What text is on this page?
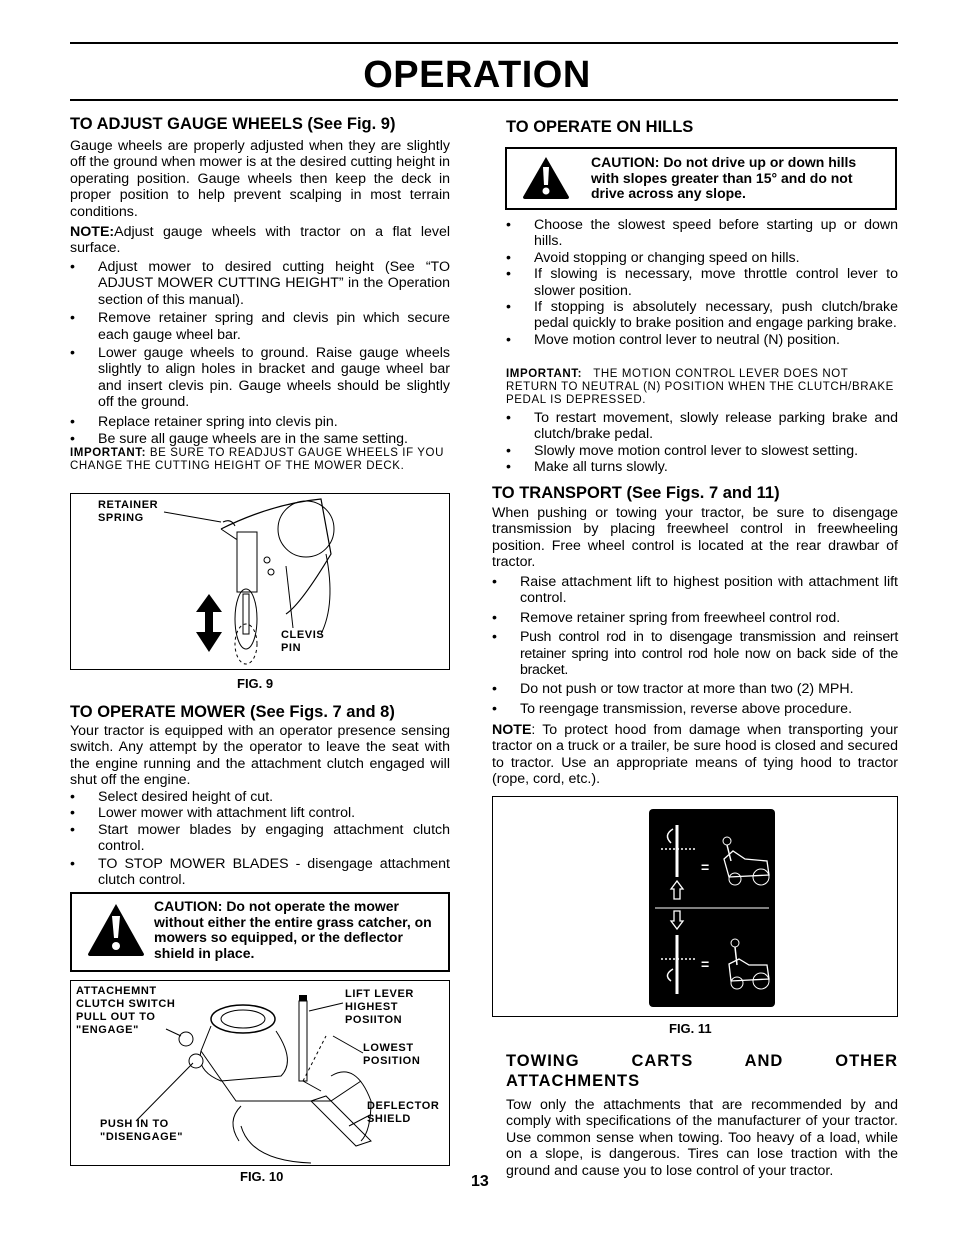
OPERATION
TO ADJUST GAUGE WHEELS (See Fig. 9)
Gauge wheels are properly adjusted when they are slightly off the ground when mower is at the desired cutting height in operating position. Gauge wheels then keep the deck in proper position to help prevent scalping in most terrain conditions.
NOTE:Adjust gauge wheels with tractor on a flat level surface.
• Adjust mower to desired cutting height (See “TO ADJUST MOWER CUTTING HEIGHT” in the Operation section of this manual).
• Remove retainer spring and clevis pin which secure each gauge wheel bar.
• Lower gauge wheels to ground. Raise gauge wheels slightly to align holes in bracket and gauge wheel bar and insert clevis pin. Gauge wheels should be slightly off the ground.
• Replace retainer spring into clevis pin.
• Be sure all gauge wheels are in the same setting.
IMPORTANT: BE SURE TO READJUST GAUGE WHEELS IF YOU CHANGE THE CUTTING HEIGHT OF THE MOWER DECK.
RETAINER SPRING
CLEVIS PIN
FIG. 9
TO OPERATE MOWER (See Figs. 7 and 8)
Your tractor is equipped with an operator presence sensing switch. Any attempt by the operator to leave the seat with the engine running and the attachment clutch engaged will shut off the engine.
• Select desired height of cut.
• Lower mower with attachment lift control.
• Start mower blades by engaging attachment clutch control.
• TO STOP MOWER BLADES - disengage attachment clutch control.
CAUTION: Do not operate the mower without either the entire grass catcher, on mowers so equipped, or the deflector shield in place.
ATTACHEMNT CLUTCH SWITCH PULL OUT TO "ENGAGE"
PUSH IN TO "DISENGAGE"
LIFT LEVER HIGHEST POSIITON
LOWEST POSITION
DEFLECTOR SHIELD
FIG. 10
TO OPERATE ON HILLS
CAUTION: Do not drive up or down hills with slopes greater than 15° and do not drive across any slope.
• Choose the slowest speed before starting up or down hills.
• Avoid stopping or changing speed on hills.
• If slowing is necessary, move throttle control lever to slower position.
• If stopping is absolutely necessary, push clutch/brake pedal quickly to brake position and engage parking brake.
• Move motion control lever to neutral (N) position.
IMPORTANT: THE MOTION CONTROL LEVER DOES NOT RETURN TO NEUTRAL (N) POSITION WHEN THE CLUTCH/BRAKE PEDAL IS DEPRESSED.
• To restart movement, slowly release parking brake and clutch/brake pedal.
• Slowly move motion control lever to slowest setting.
• Make all turns slowly.
TO TRANSPORT (See Figs. 7 and 11)
When pushing or towing your tractor, be sure to disengage transmission by placing freewheel control in freewheeling position. Free wheel control is located at the rear drawbar of tractor.
• Raise attachment lift to highest position with attachment lift control.
• Remove retainer spring from freewheel control rod.
• Push control rod in to disengage transmission and reinsert retainer spring into control rod hole now on back side of the bracket.
• Do not push or tow tractor at more than two (2) MPH.
• To reengage transmission, reverse above procedure.
NOTE: To protect hood from damage when transporting your tractor on a truck or a trailer, be sure hood is closed and secured to tractor. Use an appropriate means of tying hood to tractor (rope, cord, etc.).
=
=
FIG. 11
TOWING CARTS AND OTHER ATTACHMENTS
Tow only the attachments that are recommended by and comply with specifications of the manufacturer of your tractor. Use common sense when towing. Too heavy of a load, while on a slope, is dangerous. Tires can lose traction with the ground and cause you to lose control of your tractor.
13
